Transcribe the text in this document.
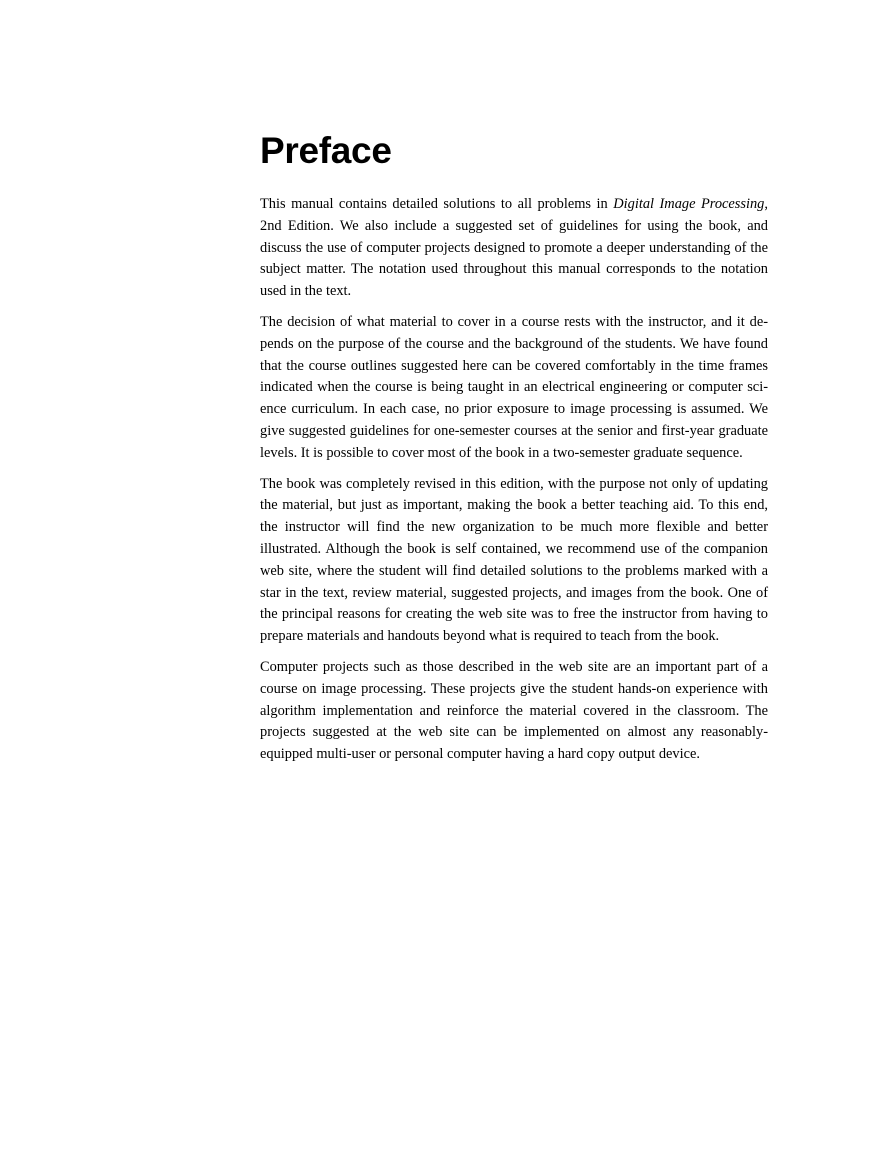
Preface

This manual contains detailed solutions to all problems in Digital Image Processing, 2nd Edition. We also include a suggested set of guidelines for using the book, and discuss the use of computer projects designed to promote a deeper understanding of the subject matter. The notation used throughout this manual corresponds to the notation used in the text.

The decision of what material to cover in a course rests with the instructor, and it depends on the purpose of the course and the background of the students. We have found that the course outlines suggested here can be covered comfortably in the time frames indicated when the course is being taught in an electrical engineering or computer science curriculum. In each case, no prior exposure to image processing is assumed. We give suggested guidelines for one-semester courses at the senior and first-year graduate levels. It is possible to cover most of the book in a two-semester graduate sequence.

The book was completely revised in this edition, with the purpose not only of updating the material, but just as important, making the book a better teaching aid. To this end, the instructor will find the new organization to be much more flexible and better illustrated. Although the book is self contained, we recommend use of the companion web site, where the student will find detailed solutions to the problems marked with a star in the text, review material, suggested projects, and images from the book. One of the principal reasons for creating the web site was to free the instructor from having to prepare materials and handouts beyond what is required to teach from the book.

Computer projects such as those described in the web site are an important part of a course on image processing. These projects give the student hands-on experience with algorithm implementation and reinforce the material covered in the classroom. The projects suggested at the web site can be implemented on almost any reasonably-equipped multi-user or personal computer having a hard copy output device.
